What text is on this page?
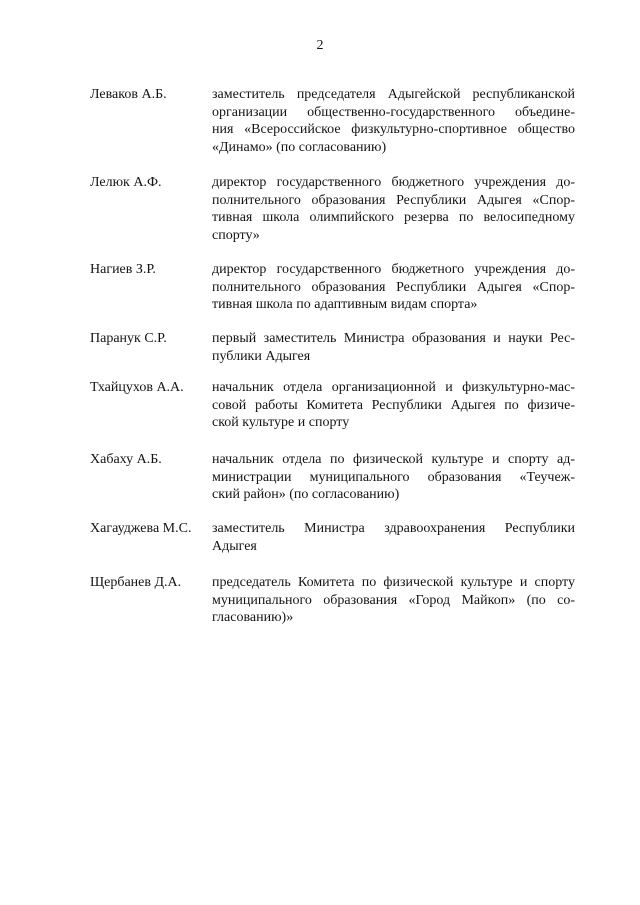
2
Леваков А.Б.	заместитель председателя Адыгейской республиканской
организации общественно-государственного объедине-
ния «Всероссийское физкультурно-спортивное общество
«Динамо» (по согласованию)
Лелюк А.Ф.	директор государственного бюджетного учреждения до-
полнительного образования Республики Адыгея «Спор-
тивная школа олимпийского резерва по велосипедному
спорту»
Нагиев З.Р.	директор государственного бюджетного учреждения до-
полнительного образования Республики Адыгея «Спор-
тивная школа по адаптивным видам спорта»
Паранук С.Р.	первый заместитель Министра образования и науки Рес-
публики Адыгея
Тхайцухов А.А. начальник отдела организационной и физкультурно-мас-
совой работы Комитета Республики Адыгея по физиче-
ской культуре и спорту
Хабаху А.Б.	начальник отдела по физической культуре и спорту ад-
министрации муниципального образования «Теучеж-
ский район» (по согласованию)
Хагауджева М.С. заместитель Министра здравоохранения Республики
Адыгея
Щербанев Д.А. председатель Комитета по физической культуре и спорту
муниципального образования «Город Майкоп» (по со-
гласованию)»
